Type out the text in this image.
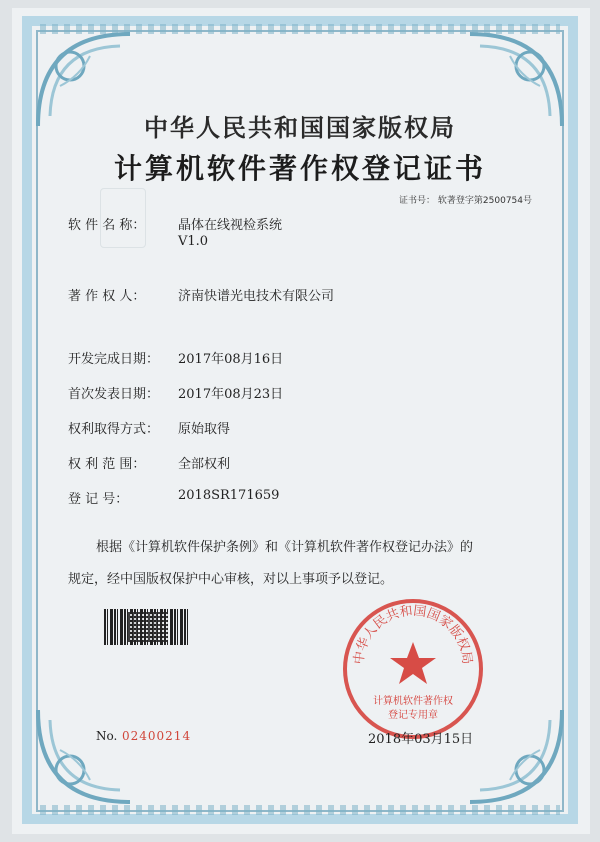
中华人民共和国国家版权局
计算机软件著作权登记证书
证书号： 软著登字第2500754号
软 件 名 称：	晶体在线视检系统
V1.0
著 作 权 人：	济南快谱光电技术有限公司
开发完成日期： 2017年08月16日
首次发表日期： 2017年08月23日
权利取得方式： 原始取得
权 利 范 围：	全部权利
登 记 号：	2018SR171659
根据《计算机软件保护条例》和《计算机软件著作权登记办法》的
规定，经中国版权保护中心审核，对以上事项予以登记。
No. 02400214
中华人民共和国国家版权局
计算机软件著作权
登记专用章
2018年03月15日
